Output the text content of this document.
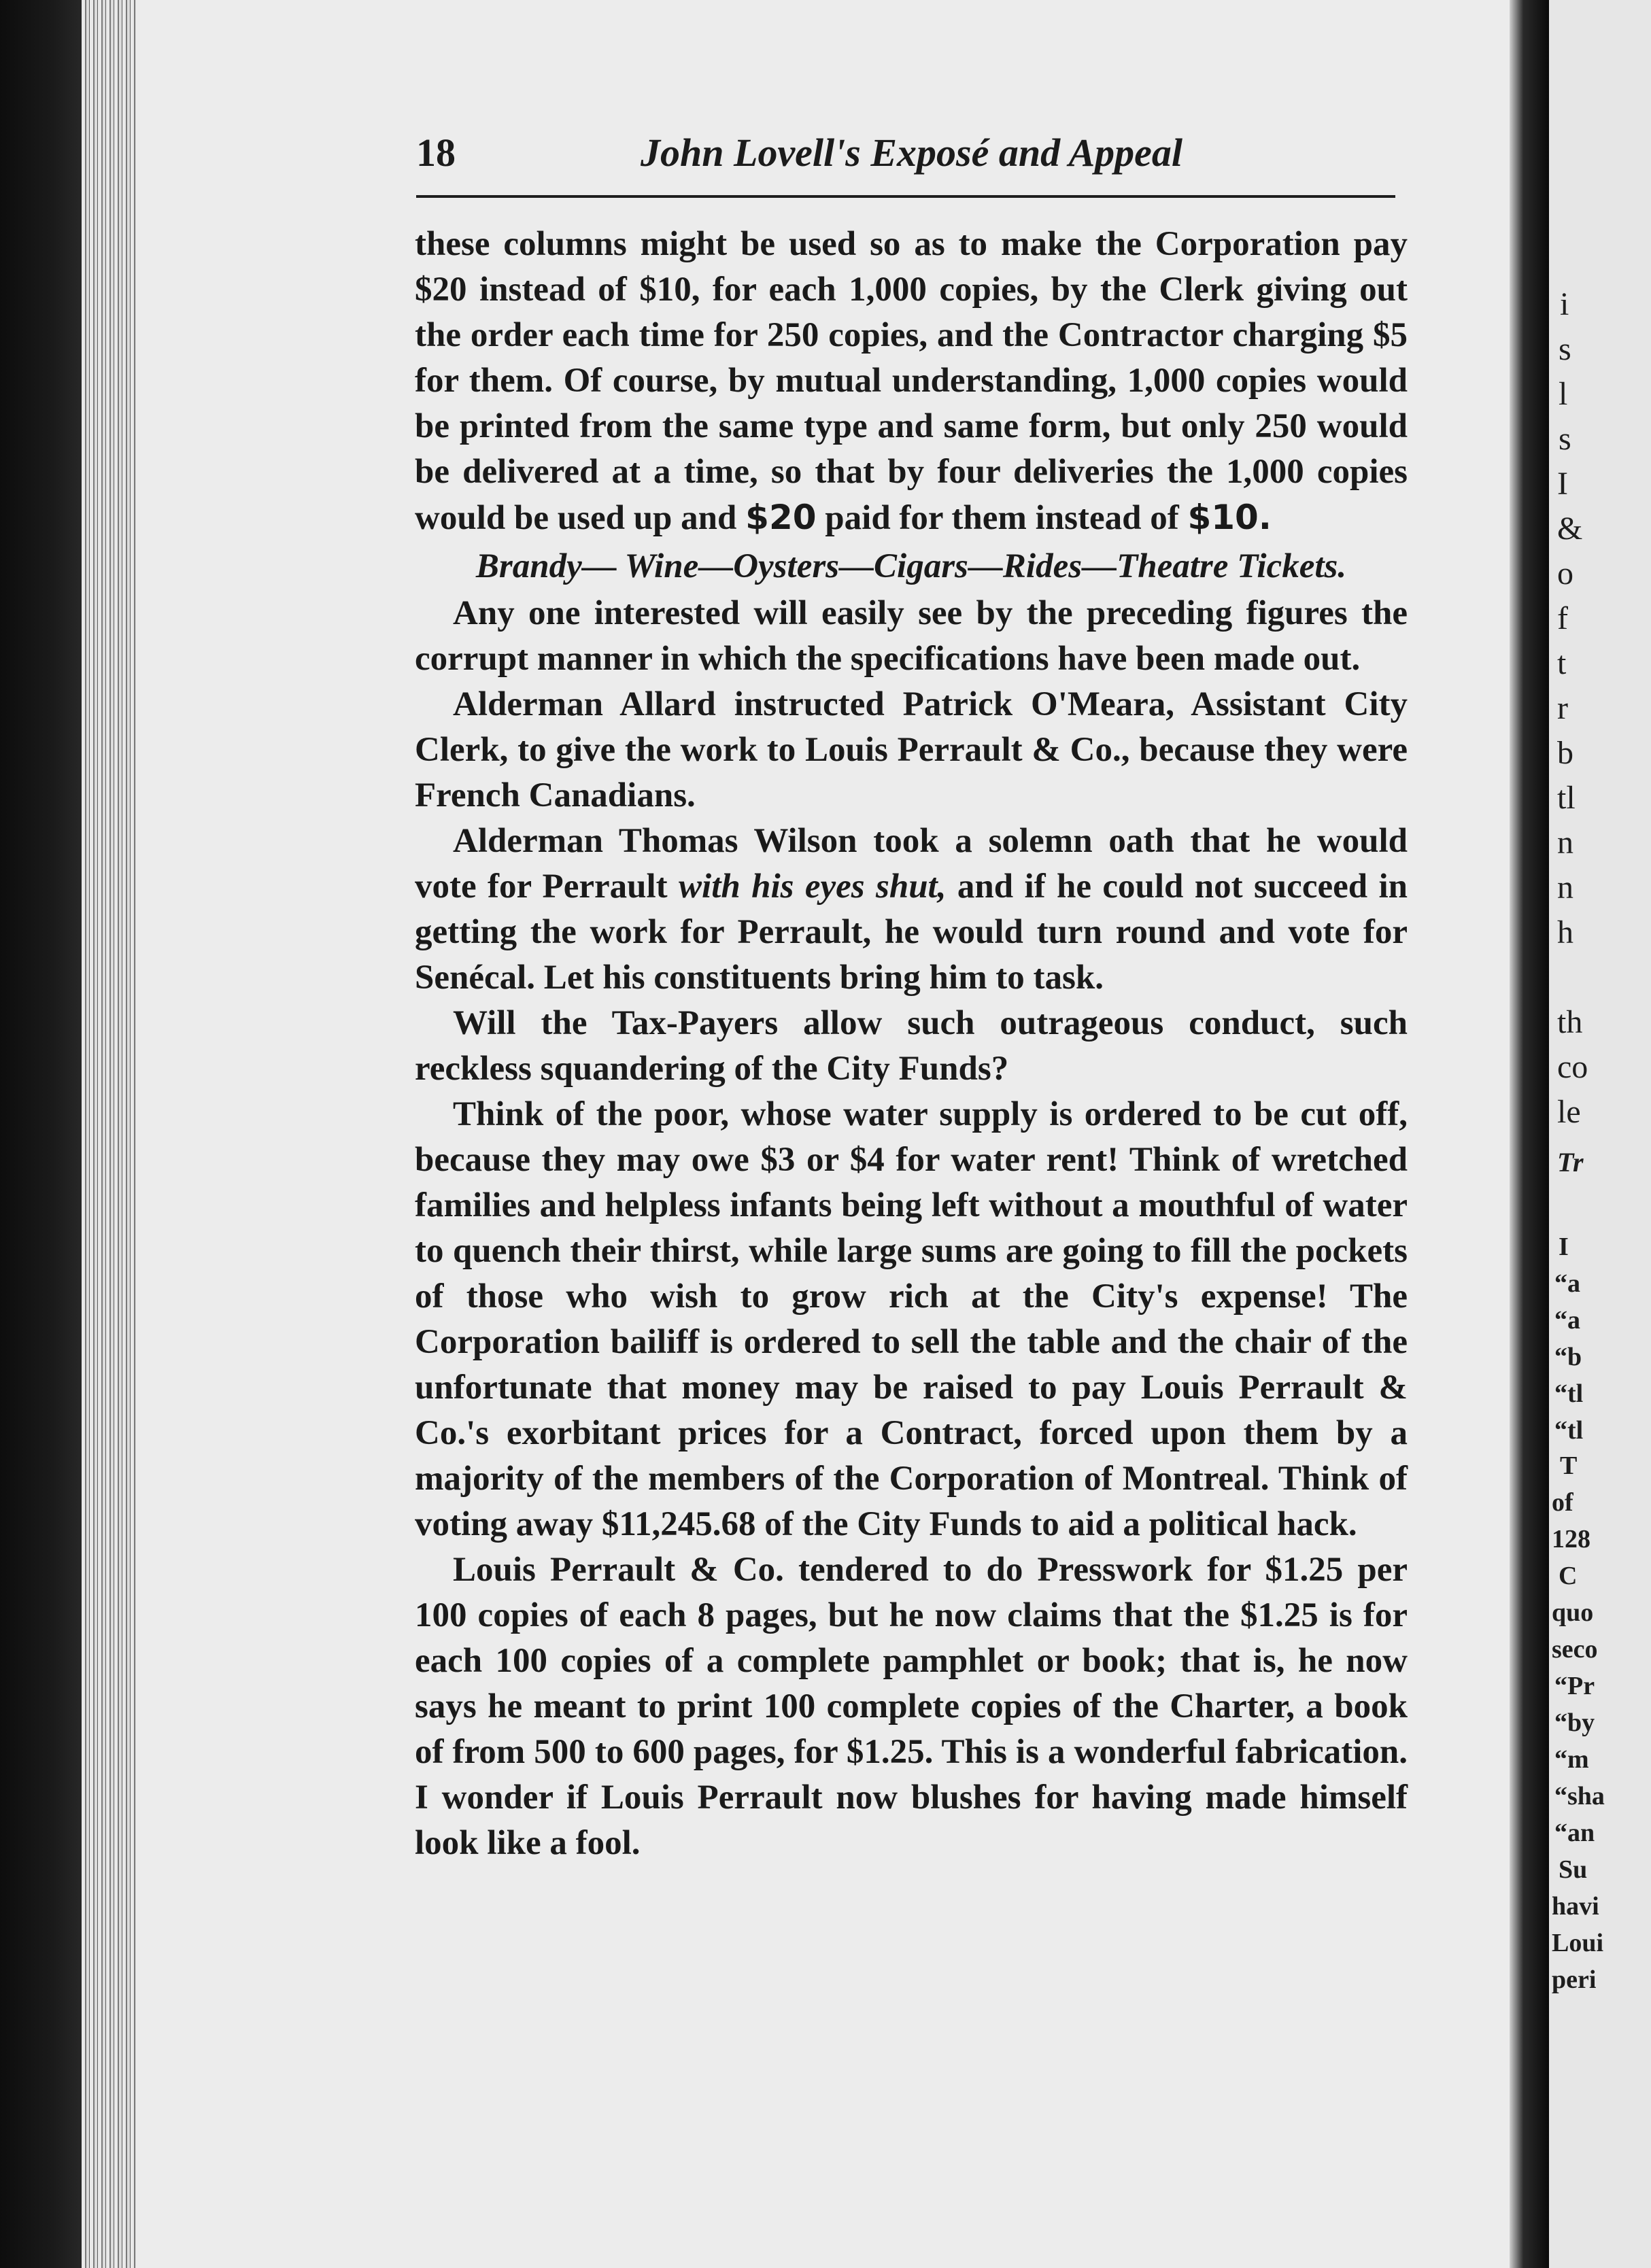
18	John Lovell's Exposé and Appeal

these columns might be used so as to make the Corporation pay $20 instead of $10, for each 1,000 copies, by the Clerk giving out the order each time for 250 copies, and the Contractor charging $5 for them. Of course, by mutual understanding, 1,000 copies would be printed from the same type and same form, but only 250 would be delivered at a time, so that by four deliveries the 1,000 copies would be used up and $20 paid for them instead of $10.

Brandy— Wine—Oysters—Cigars—Rides—Theatre Tickets.

Any one interested will easily see by the preceding figures the corrupt manner in which the specifications have been made out.

Alderman Allard instructed Patrick O'Meara, Assistant City Clerk, to give the work to Louis Perrault & Co., because they were French Canadians.

Alderman Thomas Wilson took a solemn oath that he would vote for Perrault with his eyes shut, and if he could not succeed in getting the work for Perrault, he would turn round and vote for Senécal. Let his constituents bring him to task.

Will the Tax-Payers allow such outrageous conduct, such reckless squandering of the City Funds?

Think of the poor, whose water supply is ordered to be cut off, because they may owe $3 or $4 for water rent! Think of wretched families and helpless infants being left without a mouthful of water to quench their thirst, while large sums are going to fill the pockets of those who wish to grow rich at the City's expense! The Corporation bailiff is ordered to sell the table and the chair of the unfortunate that money may be raised to pay Louis Perrault & Co.'s exorbitant prices for a Contract, forced upon them by a majority of the members of the Corporation of Montreal. Think of voting away $11,245.68 of the City Funds to aid a political hack.

Louis Perrault & Co. tendered to do Presswork for $1.25 per 100 copies of each 8 pages, but he now claims that the $1.25 is for each 100 copies of a complete pamphlet or book; that is, he now says he meant to print 100 complete copies of the Charter, a book of from 500 to 600 pages, for $1.25. This is a wonderful fabrication. I wonder if Louis Perrault now blushes for having made himself look like a fool.

i
s
l
s
I
&
o
f
t
r
b
tl
n
n
h
th
co
le
Tr
I
“a
“a
“b
“tl
“tl
T
of
128
C
quo
seco
“Pr
“by
“m
“sha
“an
Su
havi
Loui
peri
